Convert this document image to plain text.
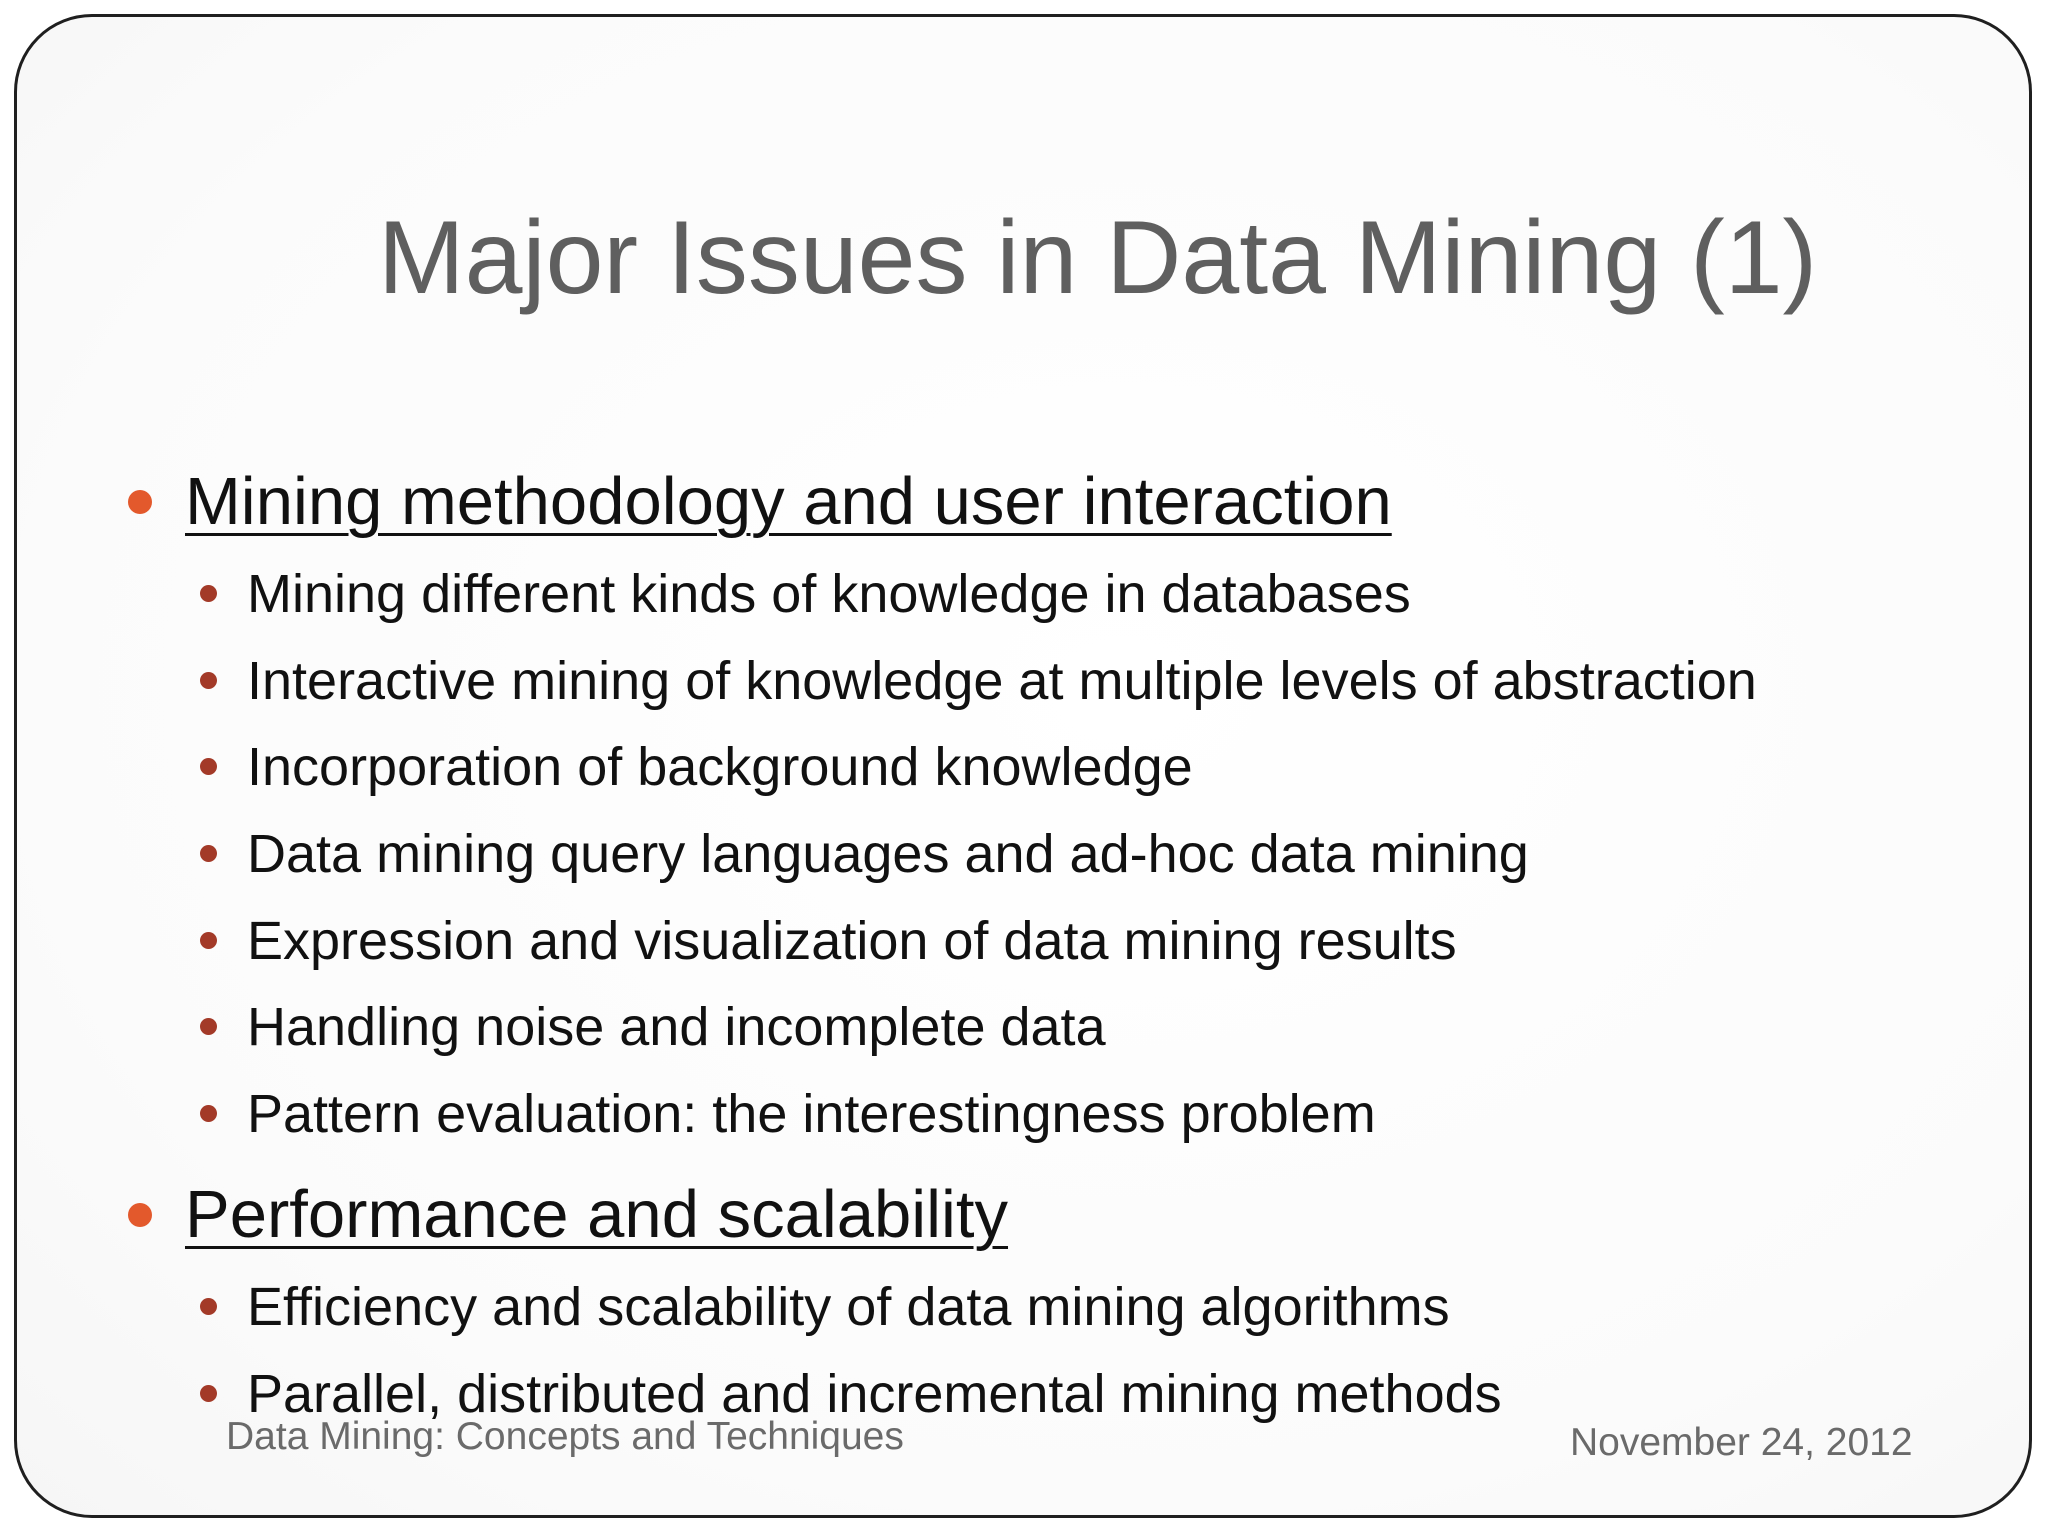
Major Issues in Data Mining (1)
Mining methodology and user interaction
Mining different kinds of knowledge in databases
Interactive mining of knowledge at multiple levels of abstraction
Incorporation of background knowledge
Data mining query languages and ad-hoc data mining
Expression and visualization of data mining results
Handling noise and incomplete data
Pattern evaluation: the interestingness problem
Performance and scalability
Efficiency and scalability of data mining algorithms
Parallel, distributed and incremental mining methods
Data Mining: Concepts and Techniques	November 24, 2012
